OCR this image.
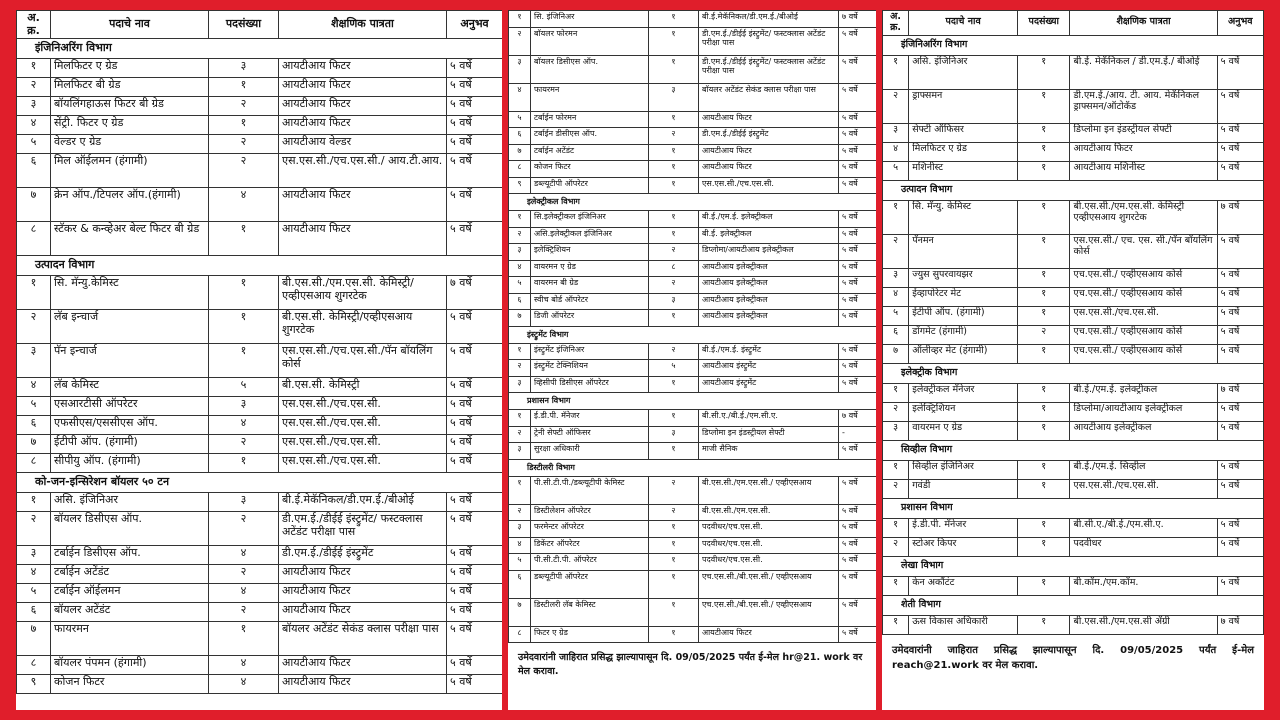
अ. क्र.	पदाचे नाव	पदसंख्या	शैक्षणिक पात्रता	अनुभव
इंजिनिअरिंग विभाग				
१	मिलफिटर ए ग्रेड	३	आयटीआय फिटर	५ वर्षे
२	मिलफिटर बी ग्रेड	१	आयटीआय फिटर	५ वर्षे
३	बॉयलिंगहाऊस फिटर बी ग्रेड	२	आयटीआय फिटर	५ वर्षे
४	सेंट्री. फिटर ए ग्रेड	१	आयटीआय फिटर	५ वर्षे
५	वेल्डर ए ग्रेड	२	आयटीआय वेल्डर	५ वर्षे
६	मिल ऑईलमन (हंगामी)	२	एस.एस.सी./एच.एस.सी./ आय.टी.आय.	५ वर्षे
७	क्रेन ऑप./टिपलर ऑप.(हंगामी)	४	आयटीआय फिटर	५ वर्षे
८	स्टॅकर & कन्व्हेअर बेल्ट फिटर बी ग्रेड	१	आयटीआय फिटर	५ वर्षे
उत्पादन विभाग				
१	सि. मॅन्यु.केमिस्ट	१	बी.एस.सी./एम.एस.सी. केमिस्ट्री/एव्हीएसआय शुगरटेक	७ वर्षे
२	लॅब इन्चार्ज	१	बी.एस.सी. केमिस्ट्री/एव्हीएसआय शुगरटेक	५ वर्षे
३	पॅन इन्चार्ज	१	एस.एस.सी./एच.एस.सी./पॅन बॉयलिंग कोर्स	५ वर्षे
४	लॅब केमिस्ट	५	बी.एस.सी. केमिस्ट्री	५ वर्षे
५	एसआरटीसी ऑपरेटर	३	एस.एस.सी./एच.एस.सी.	५ वर्षे
६	एफसीएस/एससीएस ऑप.	४	एस.एस.सी./एच.एस.सी.	५ वर्षे
७	ईटीपी ऑप. (हंगामी)	२	एस.एस.सी./एच.एस.सी.	५ वर्षे
८	सीपीयु ऑप. (हंगामी)	१	एस.एस.सी./एच.एस.सी.	५ वर्षे
को-जन-इन्सिरेशन बॉयलर ५० टन				
१	असि. इंजिनिअर	३	बी.ई.मेकॅनिकल/डी.एम.ई./बीओई	५ वर्षे
२	बॉयलर डिसीएस ऑप.	२	डी.एम.ई./डीईई इंस्ट्रुमेंट/ फस्टक्लास अटेंडंट परीक्षा पास	५ वर्षे
३	टर्बाईन डिसीएस ऑप.	४	डी.एम.ई./डीईई इंस्ट्रुमेंट	५ वर्षे
४	टर्बाईन अटेंडंट	२	आयटीआय फिटर	५ वर्षे
५	टर्बाईन ऑईलमन	४	आयटीआय फिटर	५ वर्षे
६	बॉयलर अटेंडंट	२	आयटीआय फिटर	५ वर्षे
७	फायरमन	१	बॉयलर अटेंडंट सेकंड क्लास परीक्षा पास	५ वर्षे
८	बॉयलर पंपमन (हंगामी)	४	आयटीआय फिटर	५ वर्षे
९	कोजन फिटर	४	आयटीआय फिटर	५ वर्षे
१	सि. इंजिनिअर	१	बी.ई.मेकॅनिकल/डी.एम.ई./बीओई	७ वर्षे
२	बॉयलर फोरमन	१	डी.एम.ई./डीईई इंस्ट्रुमेंट/ फस्टक्लास अटेंडंट परीक्षा पास	५ वर्षे
३	बॉयलर डिसीएस ऑप.	१	डी.एम.ई./डीईई इंस्ट्रुमेंट/ फस्टक्लास अटेंडंट परीक्षा पास	५ वर्षे
४	फायरमन	३	बॉयलर अटेंडंट सेकंड क्लास परीक्षा पास	५ वर्षे
५	टर्बाईन फोरमन	१	आयटीआय फिटर	५ वर्षे
६	टर्बाईन डीसीएस ऑप.	२	डी.एम.ई./डीईई इंस्ट्रुमेंट	५ वर्षे
७	टर्बाईन अटेंडंट	१	आयटीआय फिटर	५ वर्षे
८	कोजन फिटर	१	आयटीआय फिटर	५ वर्षे
९	डब्ल्यूटीपी ऑपरेटर	१	एस.एस.सी./एच.एस.सी.	५ वर्षे
इलेक्ट्रीकल विभाग				
१	सि.इलेक्ट्रीकल इंजिनिअर	१	बी.ई./एम.ई. इलेक्ट्रीकल	५ वर्षे
२	असि.इलेक्ट्रीकल इंजिनिअर	१	बी.ई. इलेक्ट्रीकल	५ वर्षे
३	इलेक्ट्रिशियन	२	डिप्लोमा/आयटीआय इलेक्ट्रीकल	५ वर्षे
४	वायरमन ए ग्रेड	८	आयटीआय इलेक्ट्रीकल	५ वर्षे
५	वायरमन बी ग्रेड	२	आयटीआय इलेक्ट्रीकल	५ वर्षे
६	स्वीच बोर्ड ऑपरेटर	३	आयटीआय इलेक्ट्रीकल	५ वर्षे
७	डिजी ऑपरेटर	१	आयटीआय इलेक्ट्रीकल	५ वर्षे
इंस्ट्रुमेंट विभाग				
१	इंस्ट्रुमेंट इंजिनिअर	२	बी.ई./एम.ई. इंस्ट्रुमेंट	५ वर्षे
२	इंस्ट्रुमेंट टेक्निशियन	५	आयटीआय इंस्ट्रुमेंट	५ वर्षे
३	व्हिसीपी डिसीएस ऑपरेटर	१	आयटीआय इंस्ट्रुमेंट	५ वर्षे
प्रशासन विभाग				
१	ई.डी.पी. मॅनेजर	१	बी.सी.ए./बी.ई./एम.सी.ए.	७ वर्षे
२	ट्रेनी सेफ्टी ऑफिसर	३	डिप्लोमा इन इंडस्ट्रीयल सेफ्टी	-
३	सुरक्षा अधिकारी	१	माजी सैनिक	५ वर्षे
डिस्टीलरी विभाग				
१	पी.सी.टी.पी./डब्ल्यूटीपी केमिस्ट	२	बी.एस.सी./एम.एस.सी./ एव्हीएसआय	५ वर्षे
२	डिस्टीलेशन ऑपरेटर	२	बी.एस.सी./एम.एस.सी.	५ वर्षे
३	फरमेन्टर ऑपरेटर	१	पदवीधर/एच.एस.सी.	५ वर्षे
४	डिकेंटर ऑपरेटर	१	पदवीधर/एच.एस.सी.	५ वर्षे
५	पी.सी.टी.पी. ऑपरेटर	१	पदवीधर/एच.एस.सी.	५ वर्षे
६	डब्ल्यूटीपी ऑपरेटर	१	एच.एस.सी./बी.एस.सी./ एव्हीएसआय	५ वर्षे
७	डिस्टीलरी लॅब केमिस्ट	१	एच.एस.सी./बी.एस.सी./ एव्हीएसआय	५ वर्षे
८	फिटर ए ग्रेड	१	आयटीआय फिटर	५ वर्षे
उमेदवारांनी जाहिरात प्रसिद्ध झाल्यापासून दि. 09/05/2025 पर्यंत ई-मेल hr@21. work वर मेल करावा.
अ. क्र.	पदाचे नाव	पदसंख्या	शैक्षणिक पात्रता	अनुभव
इंजिनिअरिंग विभाग				
१	असि. इंजिनिअर	१	बी.ई. मेकॅनिकल / डी.एम.ई./ बीओई	५ वर्षे
२	ड्राफ्समन	१	डी.एम.ई./आय. टी. आय. मेकॅनिकल ड्राफ्समन/ऑटोकॅड	५ वर्षे
३	सेफ्टी ऑफिसर	१	डिप्लोमा इन इंडस्ट्रीयल सेफ्टी	५ वर्षे
४	मिलफिटर ए ग्रेड	१	आयटीआय फिटर	५ वर्षे
५	मशिनीस्ट	१	आयटीआय मशिनीस्ट	५ वर्षे
उत्पादन विभाग				
१	सि. मॅन्यु. केमिस्ट	१	बी.एस.सी./एम.एस.सी. केमिस्ट्री एव्हीएसआय शुगरटेक	७ वर्षे
२	पॅनमन	१	एस.एस.सी./ एच. एस. सी./पॅन बॉयलिंग कोर्स	५ वर्षे
३	ज्युस सुपरवायझर	१	एच.एस.सी./ एव्हीएसआय कोर्स	५ वर्षे
४	ईव्हापोरेटर मेट	१	एच.एस.सी./ एव्हीएसआय कोर्स	५ वर्षे
५	ईटीपी ऑप. (हंगामी)	१	एस.एस.सी./एच.एस.सी.	५ वर्षे
६	डोंगमेट (हंगामी)	२	एच.एस.सी./ एव्हीएसआय कोर्स	५ वर्षे
७	ऑलीव्हर मेट (हंगामी)	१	एच.एस.सी./ एव्हीएसआय कोर्स	५ वर्षे
इलेक्ट्रीक विभाग				
१	इलेक्ट्रीकल मॅनेजर	१	बी.ई./एम.ई. इलेक्ट्रीकल	७ वर्षे
२	इलेक्ट्रिशियन	१	डिप्लोमा/आयटीआय इलेक्ट्रीकल	५ वर्षे
३	वायरमन ए ग्रेड	१	आयटीआय इलेक्ट्रीकल	५ वर्षे
सिव्हील विभाग				
१	सिव्हील इंजिनिअर	१	बी.ई./एम.ई. सिव्हील	५ वर्षे
२	गवंडी	१	एस.एस.सी./एच.एस.सी.	५ वर्षे
प्रशासन विभाग				
१	ई.डी.पी. मॅनेजर	१	बी.सी.ए./बी.ई./एम.सी.ए.	५ वर्षे
२	स्टोअर किपर	१	पदवीधर	५ वर्षे
लेखा विभाग				
१	केन अकौंटंट	१	बी.कॉम./एम.कॉम.	५ वर्षे
शेती विभाग				
१	ऊस विकास अधिकारी	१	बी.एस.सी./एम.एस.सी ॲग्री	७ वर्षे
उमेदवारांनी जाहिरात प्रसिद्ध झाल्यापासून दि. 09/05/2025 पर्यंत ई-मेल reach@21.work वर मेल करावा.
